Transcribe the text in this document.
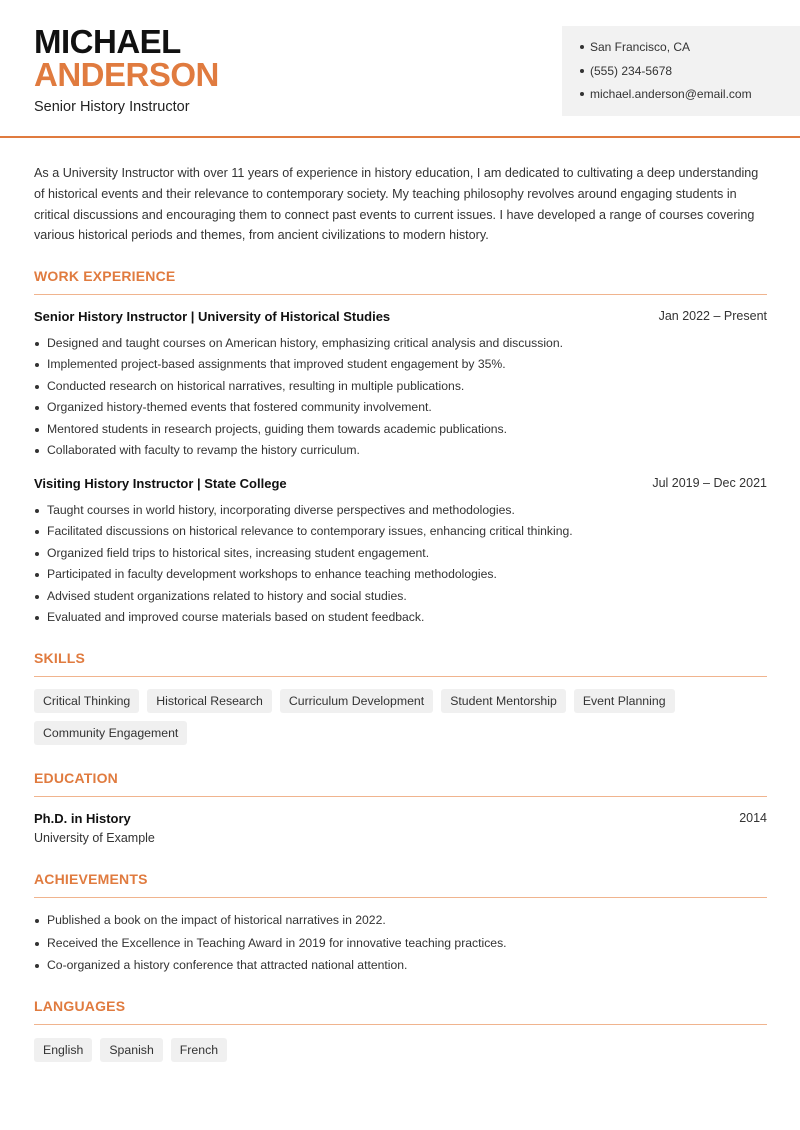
MICHAEL
ANDERSON
Senior History Instructor
San Francisco, CA
(555) 234-5678
michael.anderson@email.com

As a University Instructor with over 11 years of experience in history education, I am dedicated to cultivating a deep understanding of historical events and their relevance to contemporary society. My teaching philosophy revolves around engaging students in critical discussions and encouraging them to connect past events to current issues. I have developed a range of courses covering various historical periods and themes, from ancient civilizations to modern history.

WORK EXPERIENCE
Senior History Instructor | University of Historical Studies	Jan 2022 – Present
Designed and taught courses on American history, emphasizing critical analysis and discussion.
Implemented project-based assignments that improved student engagement by 35%.
Conducted research on historical narratives, resulting in multiple publications.
Organized history-themed events that fostered community involvement.
Mentored students in research projects, guiding them towards academic publications.
Collaborated with faculty to revamp the history curriculum.
Visiting History Instructor | State College	Jul 2019 – Dec 2021
Taught courses in world history, incorporating diverse perspectives and methodologies.
Facilitated discussions on historical relevance to contemporary issues, enhancing critical thinking.
Organized field trips to historical sites, increasing student engagement.
Participated in faculty development workshops to enhance teaching methodologies.
Advised student organizations related to history and social studies.
Evaluated and improved course materials based on student feedback.
SKILLS
Critical Thinking	Historical Research	Curriculum Development	Student Mentorship	Event Planning
Community Engagement
EDUCATION
Ph.D. in History	2014
University of Example
ACHIEVEMENTS
Published a book on the impact of historical narratives in 2022.
Received the Excellence in Teaching Award in 2019 for innovative teaching practices.
Co-organized a history conference that attracted national attention.
LANGUAGES
English	Spanish	French
